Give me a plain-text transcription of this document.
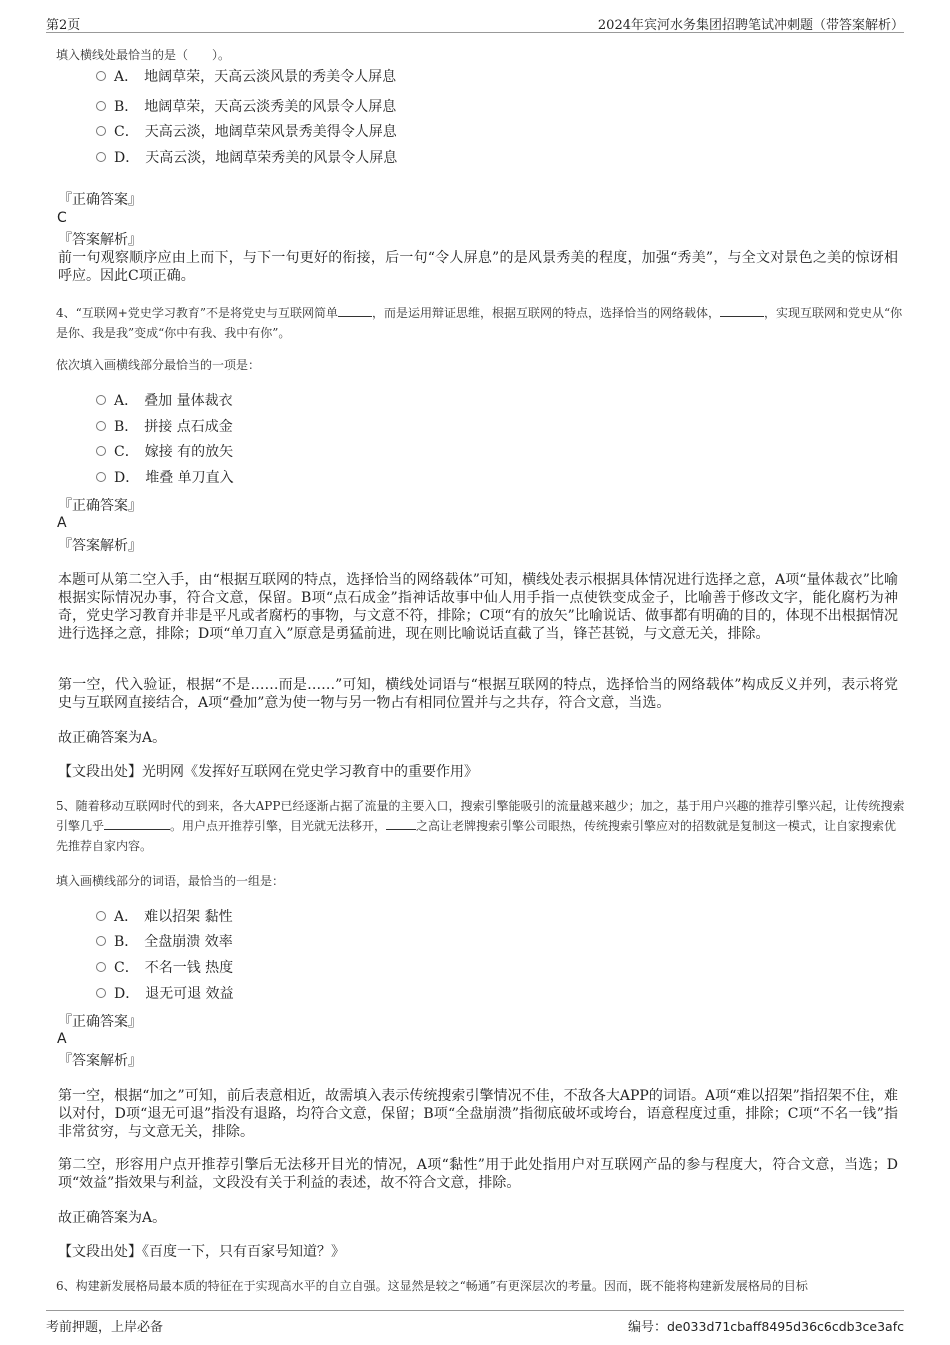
第2页	2024年宾河水务集团招聘笔试冲刺题（带答案解析）
填入横线处最恰当的是（　　）。
A． 地阔草荣，天高云淡风景的秀美令人屏息
B． 地阔草荣，天高云淡秀美的风景令人屏息
C． 天高云淡，地阔草荣风景秀美得令人屏息
D． 天高云淡，地阔草荣秀美的风景令人屏息
『正确答案』
C
『答案解析』
前一句观察顺序应由上而下，与下一句更好的衔接，后一句“令人屏息”的是风景秀美的程度，加强“秀美”，与全文对景色之美的惊讶相呼应。因此C项正确。
4、“互联网+党史学习教育”不是将党史与互联网简单	，而是运用辩证思维，根据互联网的特点，选择恰当的网络载体，	，实现互联网和党史从“你是你、我是我”变成“你中有我、我中有你”。
依次填入画横线部分最恰当的一项是：
A． 叠加 量体裁衣
B． 拼接 点石成金
C． 嫁接 有的放矢
D． 堆叠 单刀直入
『正确答案』
A
『答案解析』
本题可从第二空入手，由“根据互联网的特点，选择恰当的网络载体”可知，横线处表示根据具体情况进行选择之意，A项“量体裁衣”比喻根据实际情况办事，符合文意，保留。B项“点石成金”指神话故事中仙人用手指一点使铁变成金子，比喻善于修改文字，能化腐朽为神奇，党史学习教育并非是平凡或者腐朽的事物，与文意不符，排除；C项“有的放矢”比喻说话、做事都有明确的目的，体现不出根据情况进行选择之意，排除；D项“单刀直入”原意是勇猛前进，现在则比喻说话直截了当，锋芒甚锐，与文意无关，排除。
第一空，代入验证，根据“不是……而是……”可知，横线处词语与“根据互联网的特点，选择恰当的网络载体”构成反义并列，表示将党史与互联网直接结合，A项“叠加”意为使一物与另一物占有相同位置并与之共存，符合文意，当选。
故正确答案为A。
【文段出处】光明网《发挥好互联网在党史学习教育中的重要作用》
5、随着移动互联网时代的到来，各大APP已经逐渐占据了流量的主要入口，搜索引擎能吸引的流量越来越少；加之，基于用户兴趣的推荐引擎兴起，让传统搜索引擎几乎	。用户点开推荐引擎，目光就无法移开，	之高让老牌搜索引擎公司眼热，传统搜索引擎应对的招数就是复制这一模式，让自家搜索优先推荐自家内容。
填入画横线部分的词语，最恰当的一组是：
A． 难以招架 黏性
B． 全盘崩溃 效率
C． 不名一钱 热度
D． 退无可退 效益
『正确答案』
A
『答案解析』
第一空，根据“加之”可知，前后表意相近，故需填入表示传统搜索引擎情况不佳，不敌各大APP的词语。A项“难以招架”指招架不住，难以对付，D项“退无可退”指没有退路，均符合文意，保留；B项“全盘崩溃”指彻底破坏或垮台，语意程度过重，排除；C项“不名一钱”指非常贫穷，与文意无关，排除。
第二空，形容用户点开推荐引擎后无法移开目光的情况，A项“黏性”用于此处指用户对互联网产品的参与程度大，符合文意，当选；D项“效益”指效果与利益，文段没有关于利益的表述，故不符合文意，排除。
故正确答案为A。
【文段出处】《百度一下，只有百家号知道？》
6、构建新发展格局最本质的特征在于实现高水平的自立自强。这显然是较之“畅通”有更深层次的考量。因而，既不能将构建新发展格局的目标
考前押题，上岸必备	编号：de033d71cbaff8495d36c6cdb3ce3afc
